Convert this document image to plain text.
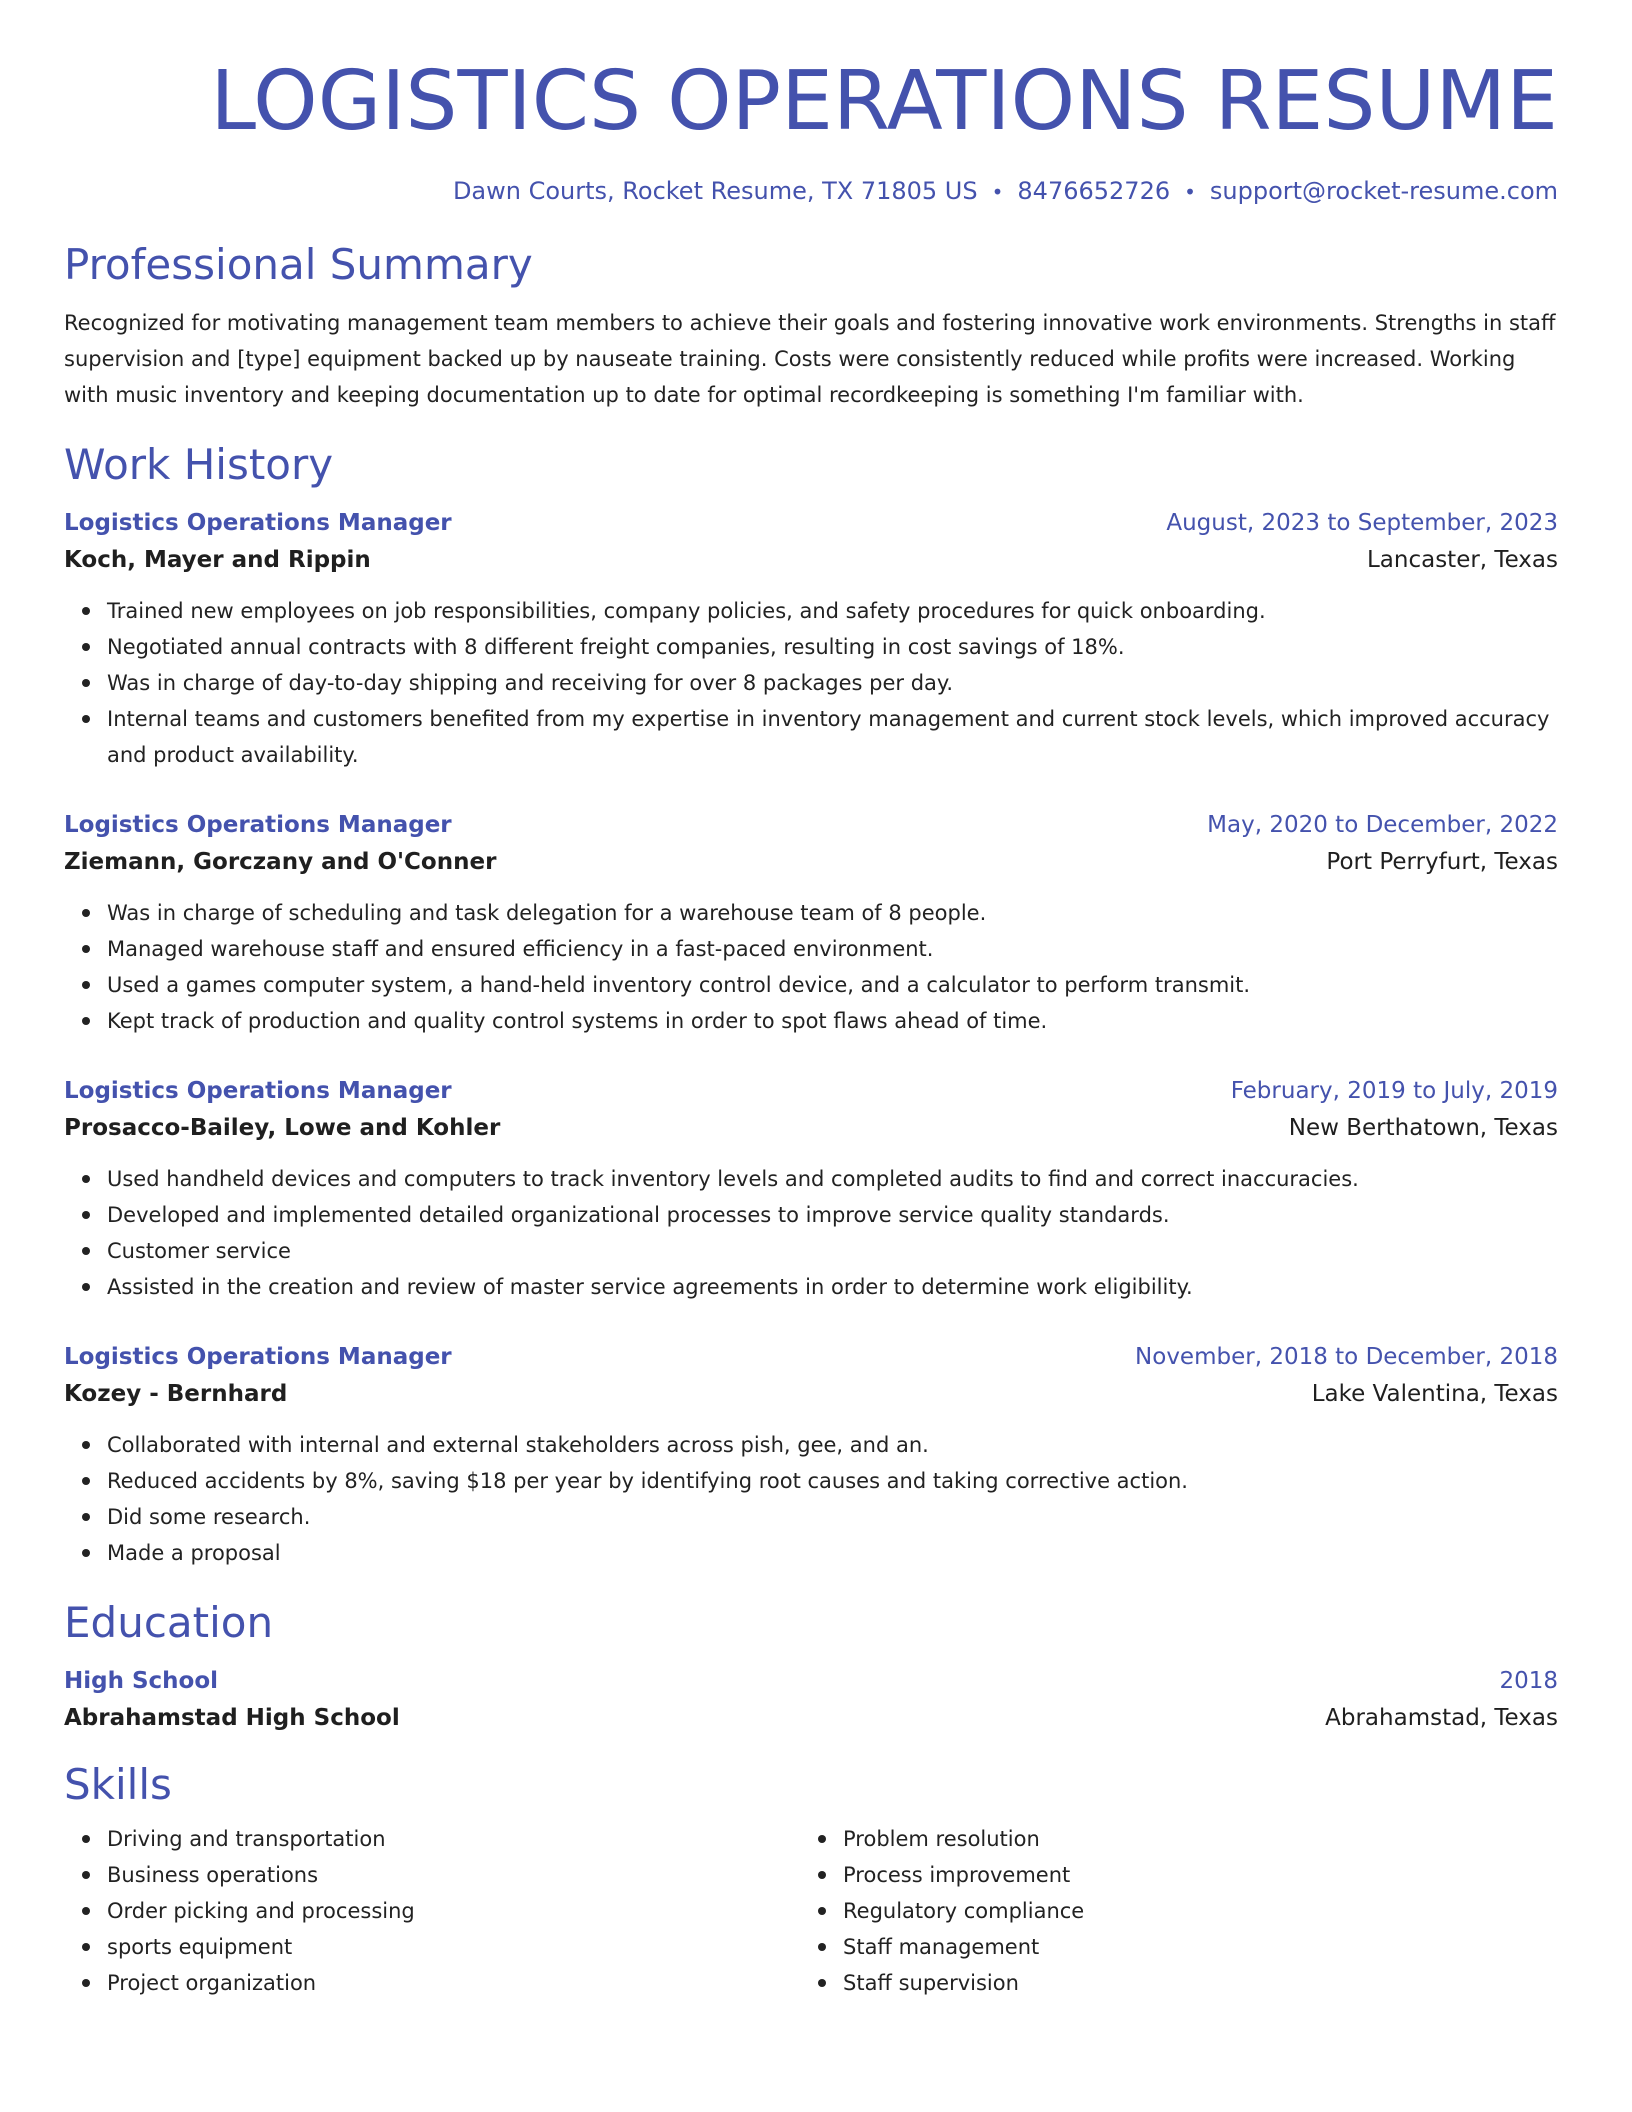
LOGISTICS OPERATIONS RESUME
Dawn Courts, Rocket Resume, TX 71805 US • 8476652726 • support@rocket-resume.com
Professional Summary
Recognized for motivating management team members to achieve their goals and fostering innovative work environments. Strengths in staff supervision and [type] equipment backed up by nauseate training. Costs were consistently reduced while profits were increased. Working with music inventory and keeping documentation up to date for optimal recordkeeping is something I'm familiar with.
Work History
Logistics Operations Manager	August, 2023 to September, 2023
Koch, Mayer and Rippin	Lancaster, Texas
Trained new employees on job responsibilities, company policies, and safety procedures for quick onboarding.
Negotiated annual contracts with 8 different freight companies, resulting in cost savings of 18%.
Was in charge of day-to-day shipping and receiving for over 8 packages per day.
Internal teams and customers benefited from my expertise in inventory management and current stock levels, which improved accuracy and product availability.
Logistics Operations Manager	May, 2020 to December, 2022
Ziemann, Gorczany and O'Conner	Port Perryfurt, Texas
Was in charge of scheduling and task delegation for a warehouse team of 8 people.
Managed warehouse staff and ensured efficiency in a fast-paced environment.
Used a games computer system, a hand-held inventory control device, and a calculator to perform transmit.
Kept track of production and quality control systems in order to spot flaws ahead of time.
Logistics Operations Manager	February, 2019 to July, 2019
Prosacco-Bailey, Lowe and Kohler	New Berthatown, Texas
Used handheld devices and computers to track inventory levels and completed audits to find and correct inaccuracies.
Developed and implemented detailed organizational processes to improve service quality standards.
Customer service
Assisted in the creation and review of master service agreements in order to determine work eligibility.
Logistics Operations Manager	November, 2018 to December, 2018
Kozey - Bernhard	Lake Valentina, Texas
Collaborated with internal and external stakeholders across pish, gee, and an.
Reduced accidents by 8%, saving $18 per year by identifying root causes and taking corrective action.
Did some research.
Made a proposal
Education
High School	2018
Abrahamstad High School	Abrahamstad, Texas
Skills
Driving and transportation
Business operations
Order picking and processing
sports equipment
Project organization
Problem resolution
Process improvement
Regulatory compliance
Staff management
Staff supervision
